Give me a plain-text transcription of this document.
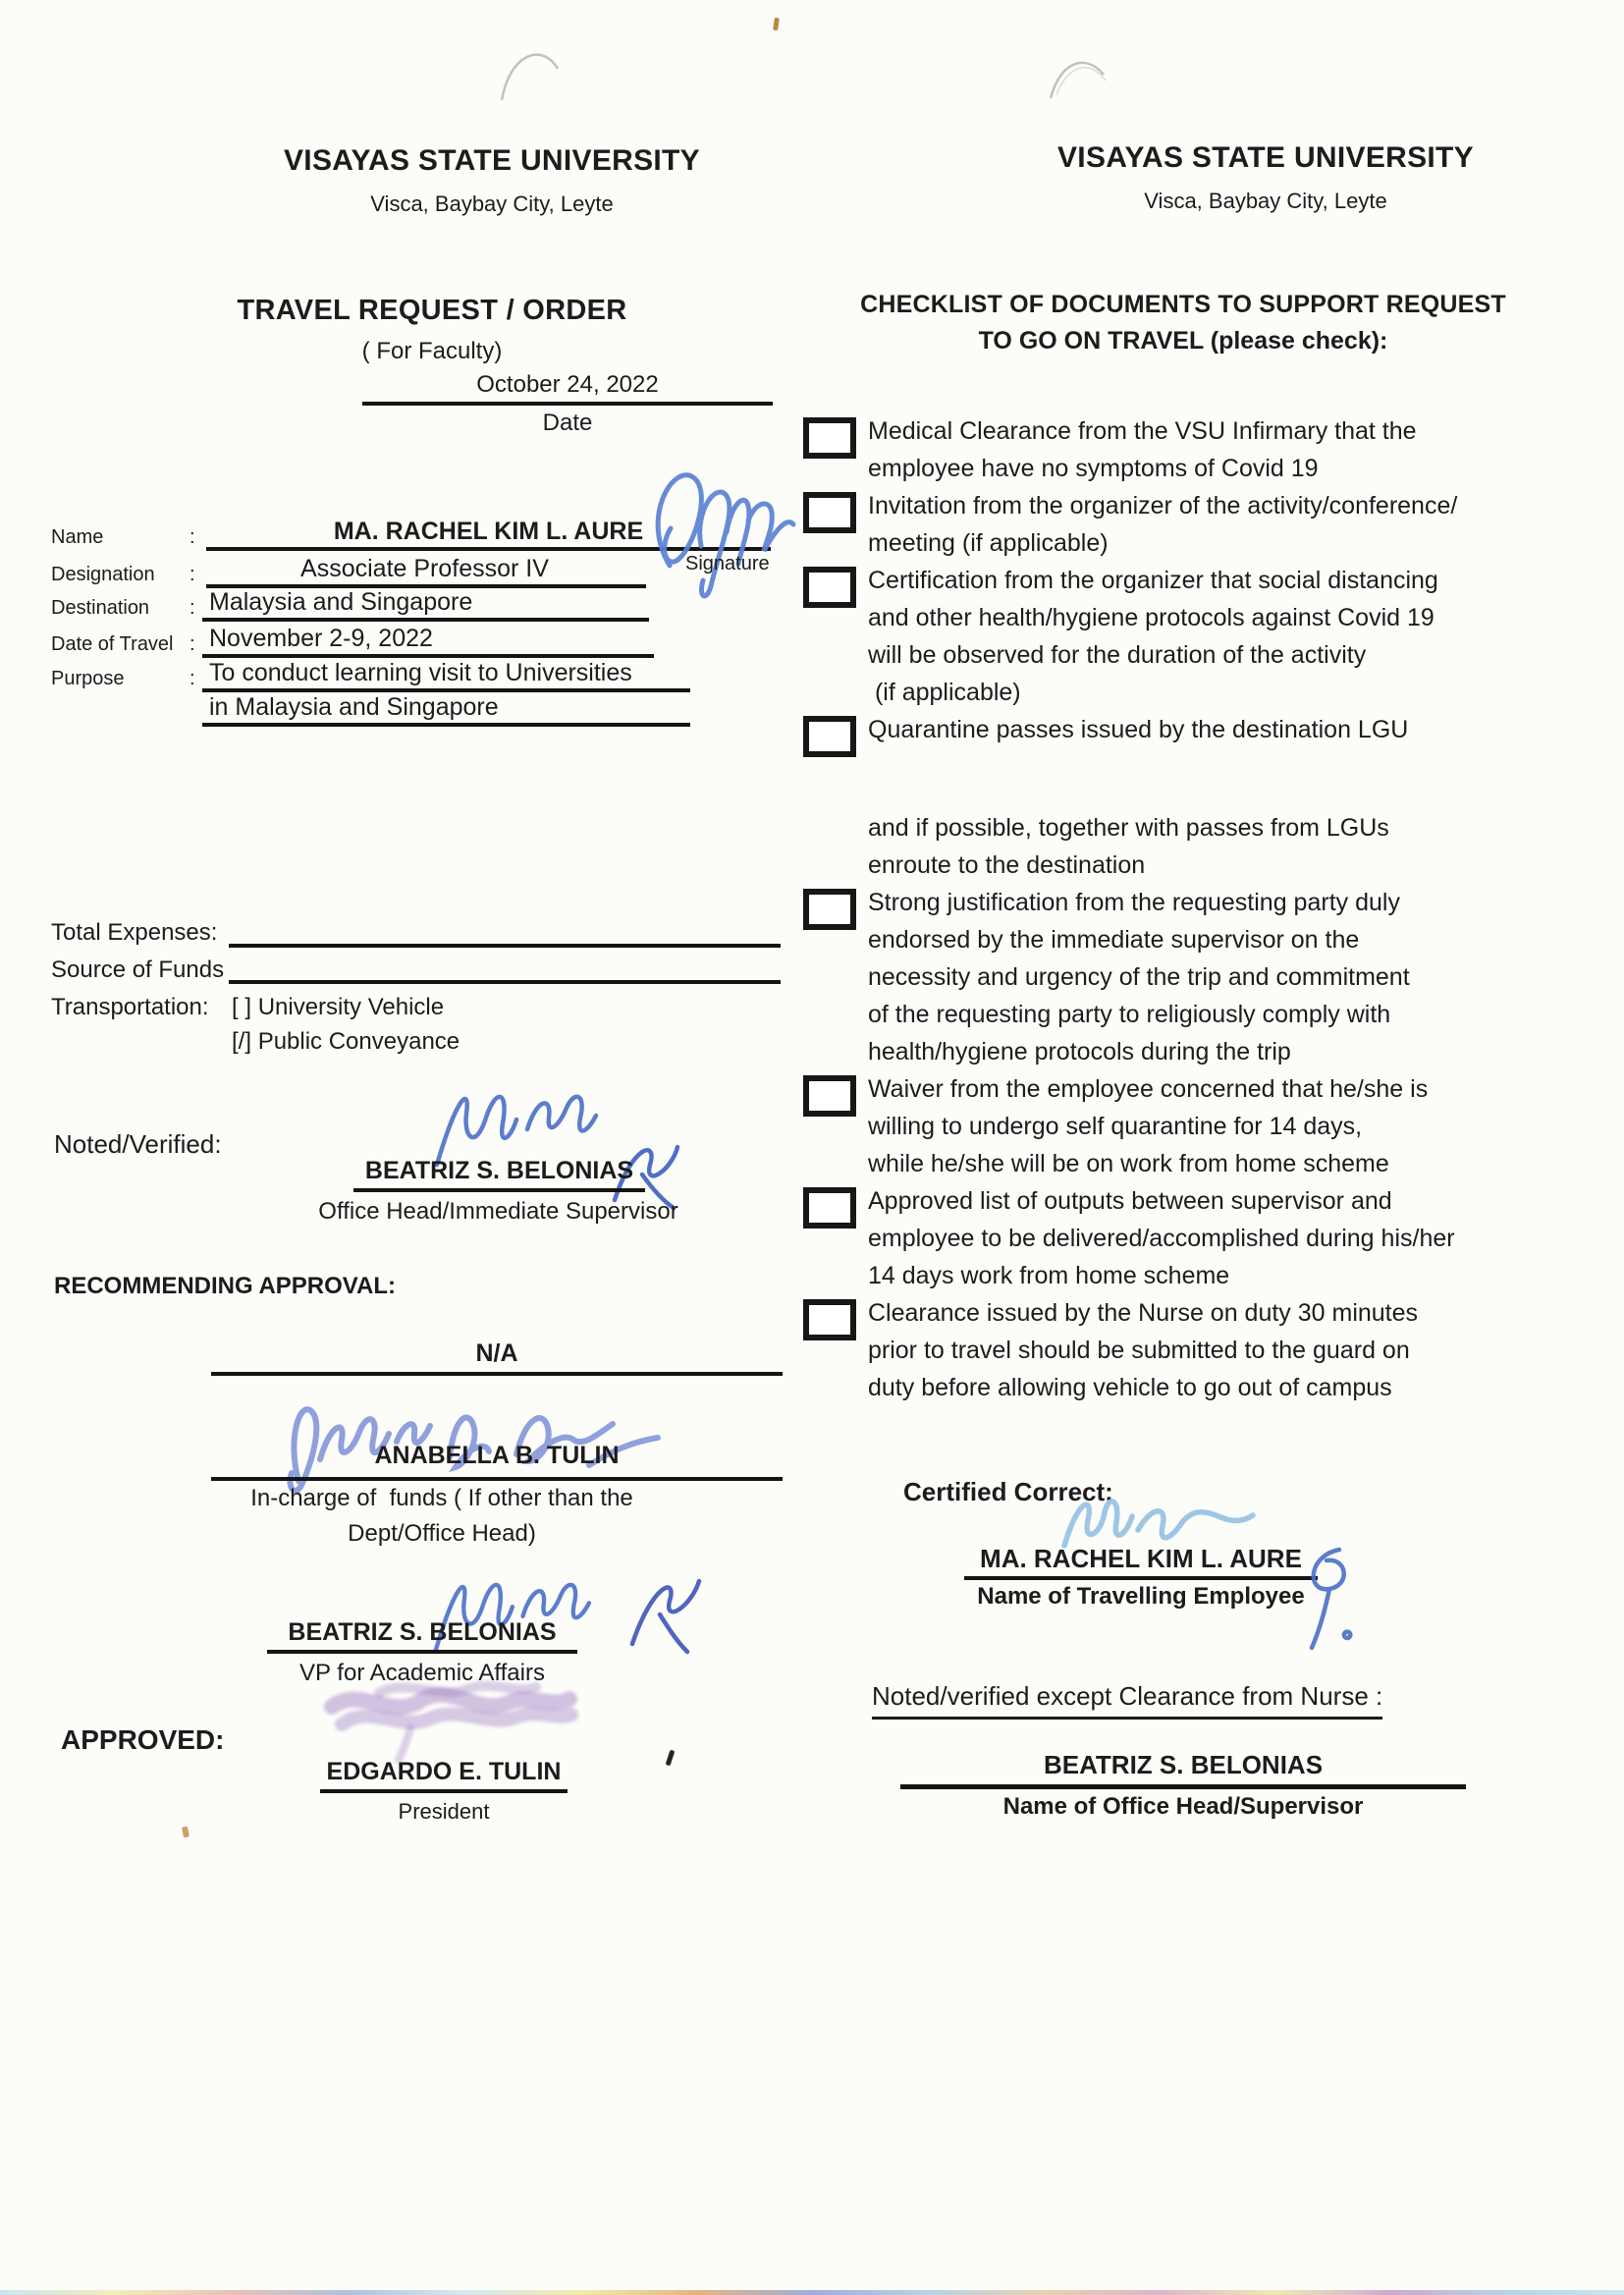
VISAYAS STATE UNIVERSITY
Visca, Baybay City, Leyte
TRAVEL REQUEST / ORDER
( For Faculty)
October 24, 2022
Date
Name	:	MA. RACHEL KIM L. AURE
Designation :	Associate Professor IV
Destination : Malaysia and Singapore
Date of Travel : November 2-9, 2022
Purpose	: To conduct learning visit to Universities
in Malaysia and Singapore
Signature
Total Expenses:
Source of Funds
Transportation: [ ] University Vehicle
[/] Public Conveyance
Noted/Verified:
BEATRIZ S. BELONIAS
Office Head/Immediate Supervisor
RECOMMENDING APPROVAL:
N/A
ANABELLA B. TULIN
In-charge of  funds ( If other than the
Dept/Office Head)
BEATRIZ S. BELONIAS
VP for Academic Affairs
APPROVED:
EDGARDO E. TULIN
President
VISAYAS STATE UNIVERSITY
Visca, Baybay City, Leyte
CHECKLIST OF DOCUMENTS TO SUPPORT REQUEST
TO GO ON TRAVEL (please check):
Medical Clearance from the VSU Infirmary that the
employee have no symptoms of Covid 19
Invitation from the organizer of the activity/conference/
meeting (if applicable)
Certification from the organizer that social distancing
and other health/hygiene protocols against Covid 19
will be observed for the duration of the activity
(if applicable)
Quarantine passes issued by the destination LGU
and if possible, together with passes from LGUs
enroute to the destination
Strong justification from the requesting party duly
endorsed by the immediate supervisor on the
necessity and urgency of the trip and commitment
of the requesting party to religiously comply with
health/hygiene protocols during the trip
Waiver from the employee concerned that he/she is
willing to undergo self quarantine for 14 days,
while he/she will be on work from home scheme
Approved list of outputs between supervisor and
employee to be delivered/accomplished during his/her
14 days work from home scheme
Clearance issued by the Nurse on duty 30 minutes
prior to travel should be submitted to the guard on
duty before allowing vehicle to go out of campus
Certified Correct:
MA. RACHEL KIM L. AURE
Name of Travelling Employee
Noted/verified except Clearance from Nurse :
BEATRIZ S. BELONIAS
Name of Office Head/Supervisor
